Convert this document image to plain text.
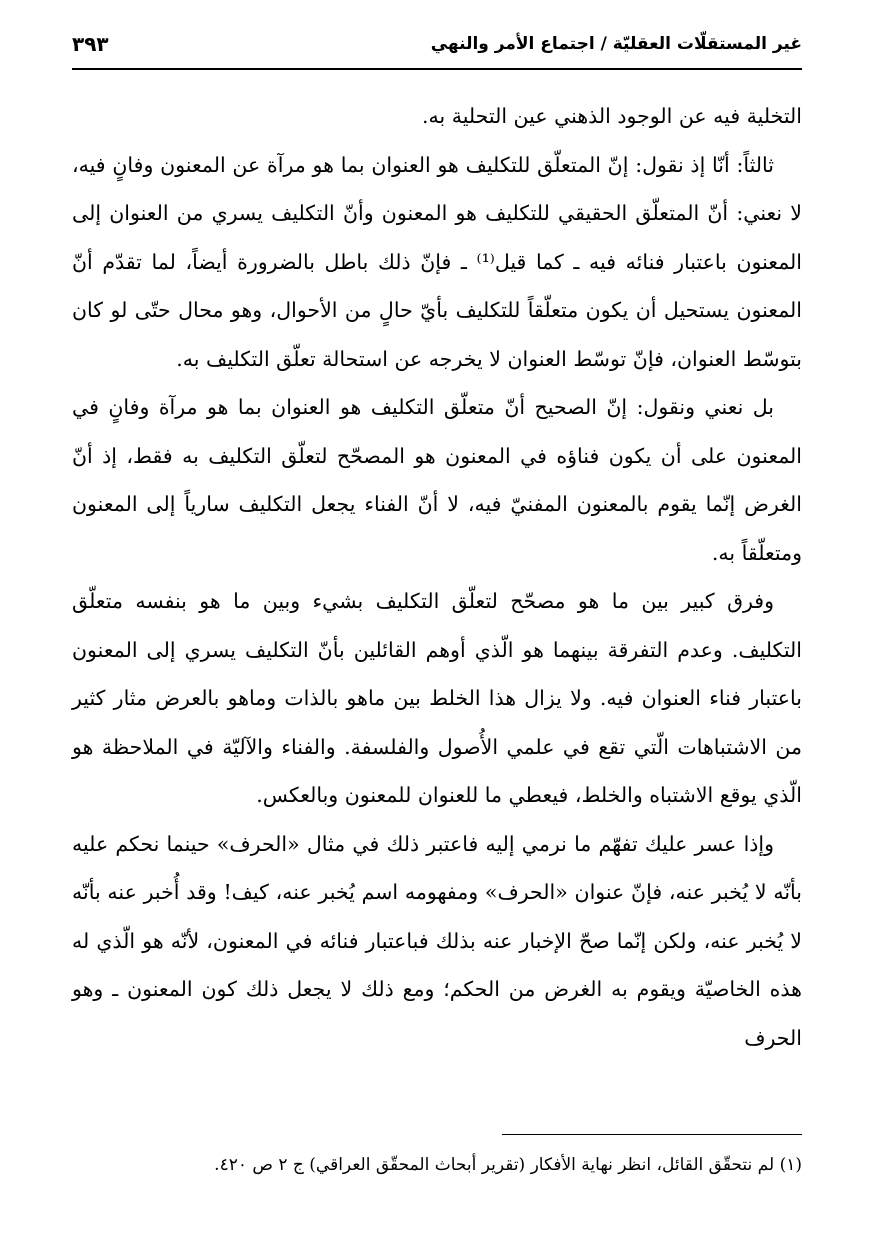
غير المستقلّات العقليّة / اجتماع الأمر والنهي
٣٩٣

التخلية فيه عن الوجود الذهني عين التحلية به.

ثالثاً: أنّا إذ نقول: إنّ المتعلّق للتكليف هو العنوان بما هو مرآة عن المعنون وفانٍ فيه، لا نعني: أنّ المتعلّق الحقيقي للتكليف هو المعنون وأنّ التكليف يسري من العنوان إلى المعنون باعتبار فنائه فيه ـ كما قيل⁽¹⁾ ـ فإنّ ذلك باطل بالضرورة أيضاً، لما تقدّم أنّ المعنون يستحيل أن يكون متعلّقاً للتكليف بأيّ حالٍ من الأحوال، وهو محال حتّى لو كان بتوسّط العنوان، فإنّ توسّط العنوان لا يخرجه عن استحالة تعلّق التكليف به.

بل نعني ونقول: إنّ الصحيح أنّ متعلّق التكليف هو العنوان بما هو مرآة وفانٍ في المعنون على أن يكون فناؤه في المعنون هو المصحّح لتعلّق التكليف به فقط، إذ أنّ الغرض إنّما يقوم بالمعنون المفنيّ فيه، لا أنّ الفناء يجعل التكليف سارياً إلى المعنون ومتعلّقاً به.

وفرق كبير بين ما هو مصحّح لتعلّق التكليف بشيء وبين ما هو بنفسه متعلّق التكليف. وعدم التفرقة بينهما هو الّذي أوهم القائلين بأنّ التكليف يسري إلى المعنون باعتبار فناء العنوان فيه. ولا يزال هذا الخلط بين ماهو بالذات وماهو بالعرض مثار كثير من الاشتباهات الّتي تقع في علمي الأُصول والفلسفة. والفناء والآليّة في الملاحظة هو الّذي يوقع الاشتباه والخلط، فيعطي ما للعنوان للمعنون وبالعكس.

وإذا عسر عليك تفهّم ما نرمي إليه فاعتبر ذلك في مثال «الحرف» حينما نحكم عليه بأنّه لا يُخبر عنه، فإنّ عنوان «الحرف» ومفهومه اسم يُخبر عنه، كيف! وقد أُخبر عنه بأنّه لا يُخبر عنه، ولكن إنّما صحّ الإخبار عنه بذلك فباعتبار فنائه في المعنون، لأنّه هو الّذي له هذه الخاصيّة ويقوم به الغرض من الحكم؛ ومع ذلك لا يجعل ذلك كون المعنون ـ وهو الحرف

(١) لم نتحقّق القائل، انظر نهاية الأفكار (تقرير أبحاث المحقّق العراقي) ج ٢ ص ٤٢٠.
